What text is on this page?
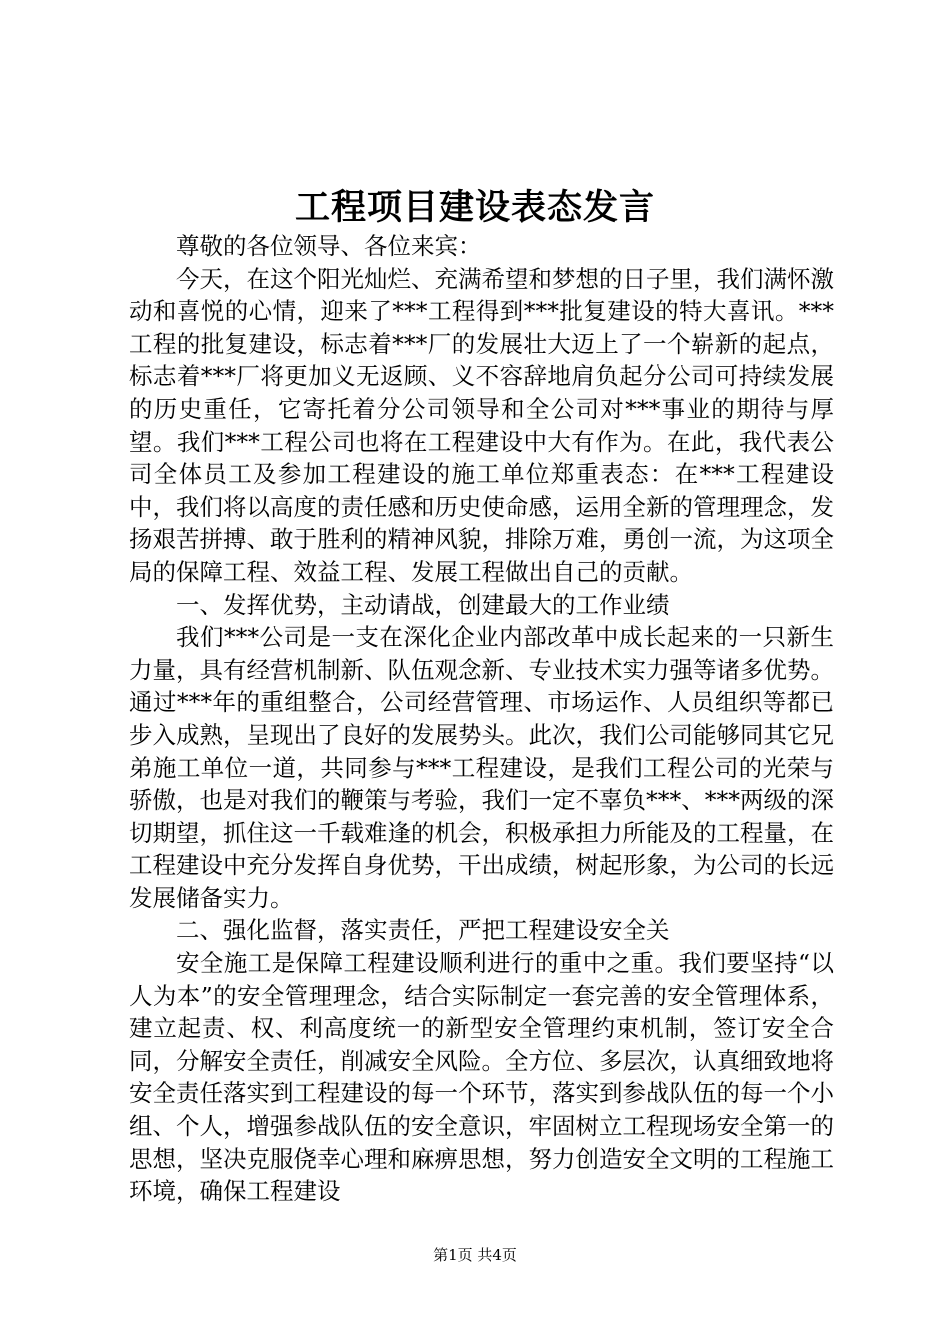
工程项目建设表态发言

尊敬的各位领导、各位来宾：

今天，在这个阳光灿烂、充满希望和梦想的日子里，我们满怀激动和喜悦的心情，迎来了***工程得到***批复建设的特大喜讯。***工程的批复建设，标志着***厂的发展壮大迈上了一个崭新的起点，标志着***厂将更加义无返顾、义不容辞地肩负起分公司可持续发展的历史重任，它寄托着分公司领导和全公司对***事业的期待与厚望。我们***工程公司也将在工程建设中大有作为。在此，我代表公司全体员工及参加工程建设的施工单位郑重表态：在***工程建设中，我们将以高度的责任感和历史使命感，运用全新的管理理念，发扬艰苦拼搏、敢于胜利的精神风貌，排除万难，勇创一流，为这项全局的保障工程、效益工程、发展工程做出自己的贡献。

一、发挥优势，主动请战，创建最大的工作业绩

我们***公司是一支在深化企业内部改革中成长起来的一只新生力量，具有经营机制新、队伍观念新、专业技术实力强等诸多优势。通过***年的重组整合，公司经营管理、市场运作、人员组织等都已步入成熟，呈现出了良好的发展势头。此次，我们公司能够同其它兄弟施工单位一道，共同参与***工程建设，是我们工程公司的光荣与骄傲，也是对我们的鞭策与考验，我们一定不辜负***、***两级的深切期望，抓住这一千载难逢的机会，积极承担力所能及的工程量，在工程建设中充分发挥自身优势，干出成绩，树起形象，为公司的长远发展储备实力。

二、强化监督，落实责任，严把工程建设安全关

安全施工是保障工程建设顺利进行的重中之重。我们要坚持“以人为本”的安全管理理念，结合实际制定一套完善的安全管理体系，建立起责、权、利高度统一的新型安全管理约束机制，签订安全合同，分解安全责任，削减安全风险。全方位、多层次，认真细致地将安全责任落实到工程建设的每一个环节，落实到参战队伍的每一个小组、个人，增强参战队伍的安全意识，牢固树立工程现场安全第一的思想，坚决克服侥幸心理和麻痹思想，努力创造安全文明的工程施工环境，确保工程建设

第1页 共4页
